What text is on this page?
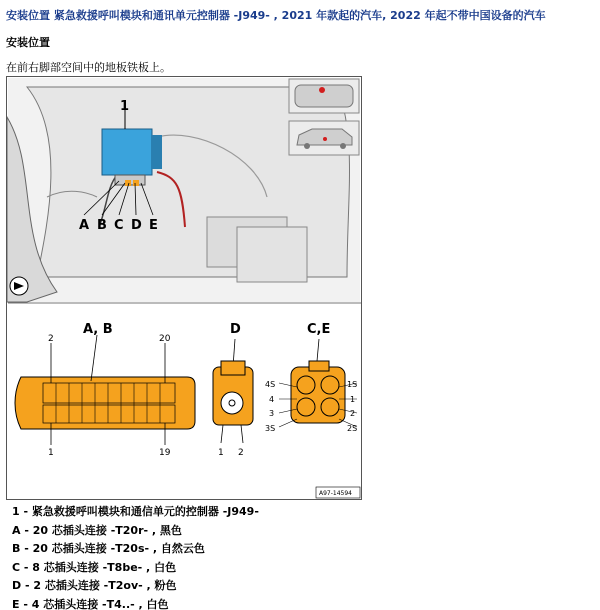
安装位置 紧急救援呼叫模块和通讯单元控制器 -J949- , 2021 年款起的汽车, 2022 年起不带中国设备的汽车
安装位置
在前右脚部空间中的地板铁板上。
1
A B C D E
A, B	D	C,E
2	20
1	19	1 2
4S	1S
4	1
3	2
3S	2S
A97-14594
1 - 紧急救援呼叫模块和通信单元的控制器 -J949-
A - 20 芯插头连接 -T20r- , 黑色
B - 20 芯插头连接 -T20s- , 自然云色
C - 8 芯插头连接 -T8be- , 白色
D - 2 芯插头连接 -T2ov- , 粉色
E - 4 芯插头连接 -T4..- , 白色
